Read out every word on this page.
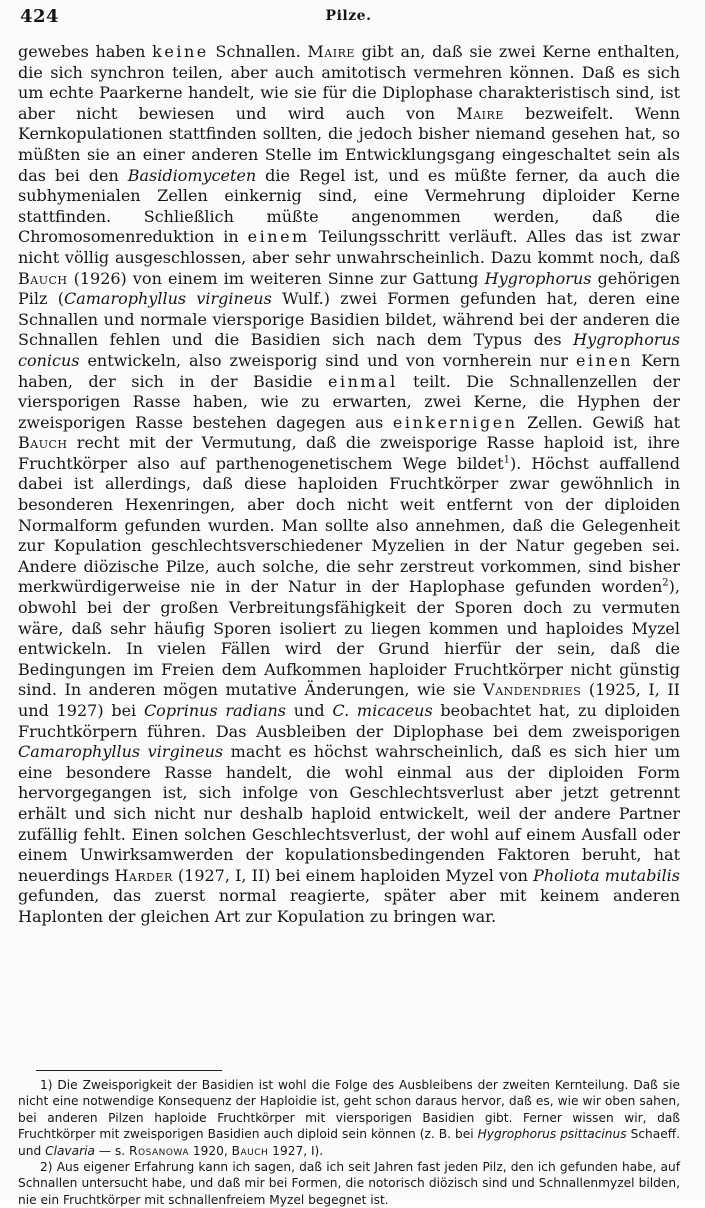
424	Pilze.

gewebes haben keine Schnallen. Maire gibt an, daß sie zwei Kerne enthalten, die sich synchron teilen, aber auch amitotisch vermehren können. Daß es sich um echte Paarkerne handelt, wie sie für die Diplophase charakteristisch sind, ist aber nicht bewiesen und wird auch von Maire bezweifelt. Wenn Kernkopulationen stattfinden sollten, die jedoch bisher niemand gesehen hat, so müßten sie an einer anderen Stelle im Entwicklungsgang eingeschaltet sein als das bei den Basidiomyceten die Regel ist, und es müßte ferner, da auch die subhymenialen Zellen einkernig sind, eine Vermehrung diploider Kerne stattfinden. Schließlich müßte angenommen werden, daß die Chromosomenreduktion in einem Teilungsschritt verläuft. Alles das ist zwar nicht völlig ausgeschlossen, aber sehr unwahrscheinlich. Dazu kommt noch, daß Bauch (1926) von einem im weiteren Sinne zur Gattung Hygrophorus gehörigen Pilz (Camarophyllus virgineus Wulf.) zwei Formen gefunden hat, deren eine Schnallen und normale viersporige Basidien bildet, während bei der anderen die Schnallen fehlen und die Basidien sich nach dem Typus des Hygrophorus conicus entwickeln, also zweisporig sind und von vornherein nur einen Kern haben, der sich in der Basidie einmal teilt. Die Schnallenzellen der viersporigen Rasse haben, wie zu erwarten, zwei Kerne, die Hyphen der zweisporigen Rasse bestehen dagegen aus einkernigen Zellen. Gewiß hat Bauch recht mit der Vermutung, daß die zweisporige Rasse haploid ist, ihre Fruchtkörper also auf parthenogenetischem Wege bildet$^1$). Höchst auffallend dabei ist allerdings, daß diese haploiden Fruchtkörper zwar gewöhnlich in besonderen Hexenringen, aber doch nicht weit entfernt von der diploiden Normalform gefunden wurden. Man sollte also annehmen, daß die Gelegenheit zur Kopulation geschlechtsverschiedener Myzelien in der Natur gegeben sei. Andere diözische Pilze, auch solche, die sehr zerstreut vorkommen, sind bisher merkwürdigerweise nie in der Natur in der Haplophase gefunden worden$^2$), obwohl bei der großen Verbreitungsfähigkeit der Sporen doch zu vermuten wäre, daß sehr häufig Sporen isoliert zu liegen kommen und haploides Myzel entwickeln. In vielen Fällen wird der Grund hierfür der sein, daß die Bedingungen im Freien dem Aufkommen haploider Fruchtkörper nicht günstig sind. In anderen mögen mutative Änderungen, wie sie Vandendries (1925, I, II und 1927) bei Coprinus radians und C. micaceus beobachtet hat, zu diploiden Fruchtkörpern führen. Das Ausbleiben der Diplophase bei dem zweisporigen Camarophyllus virgineus macht es höchst wahrscheinlich, daß es sich hier um eine besondere Rasse handelt, die wohl einmal aus der diploiden Form hervorgegangen ist, sich infolge von Geschlechtsverlust aber jetzt getrennt erhält und sich nicht nur deshalb haploid entwickelt, weil der andere Partner zufällig fehlt. Einen solchen Geschlechtsverlust, der wohl auf einem Ausfall oder einem Unwirksamwerden der kopulationsbedingenden Faktoren beruht, hat neuerdings Harder (1927, I, II) bei einem haploiden Myzel von Pholiota mutabilis gefunden, das zuerst normal reagierte, später aber mit keinem anderen Haplonten der gleichen Art zur Kopulation zu bringen war.

1) Die Zweisporigkeit der Basidien ist wohl die Folge des Ausbleibens der zweiten Kernteilung. Daß sie nicht eine notwendige Konsequenz der Haploidie ist, geht schon daraus hervor, daß es, wie wir oben sahen, bei anderen Pilzen haploide Fruchtkörper mit viersporigen Basidien gibt. Ferner wissen wir, daß Fruchtkörper mit zweisporigen Basidien auch diploid sein können (z. B. bei Hygrophorus psittacinus Schaeff. und Clavaria — s. Rosanowa 1920, Bauch 1927, I).

2) Aus eigener Erfahrung kann ich sagen, daß ich seit Jahren fast jeden Pilz, den ich gefunden habe, auf Schnallen untersucht habe, und daß mir bei Formen, die notorisch diözisch sind und Schnallenmyzel bilden, nie ein Fruchtkörper mit schnallenfreiem Myzel begegnet ist.
